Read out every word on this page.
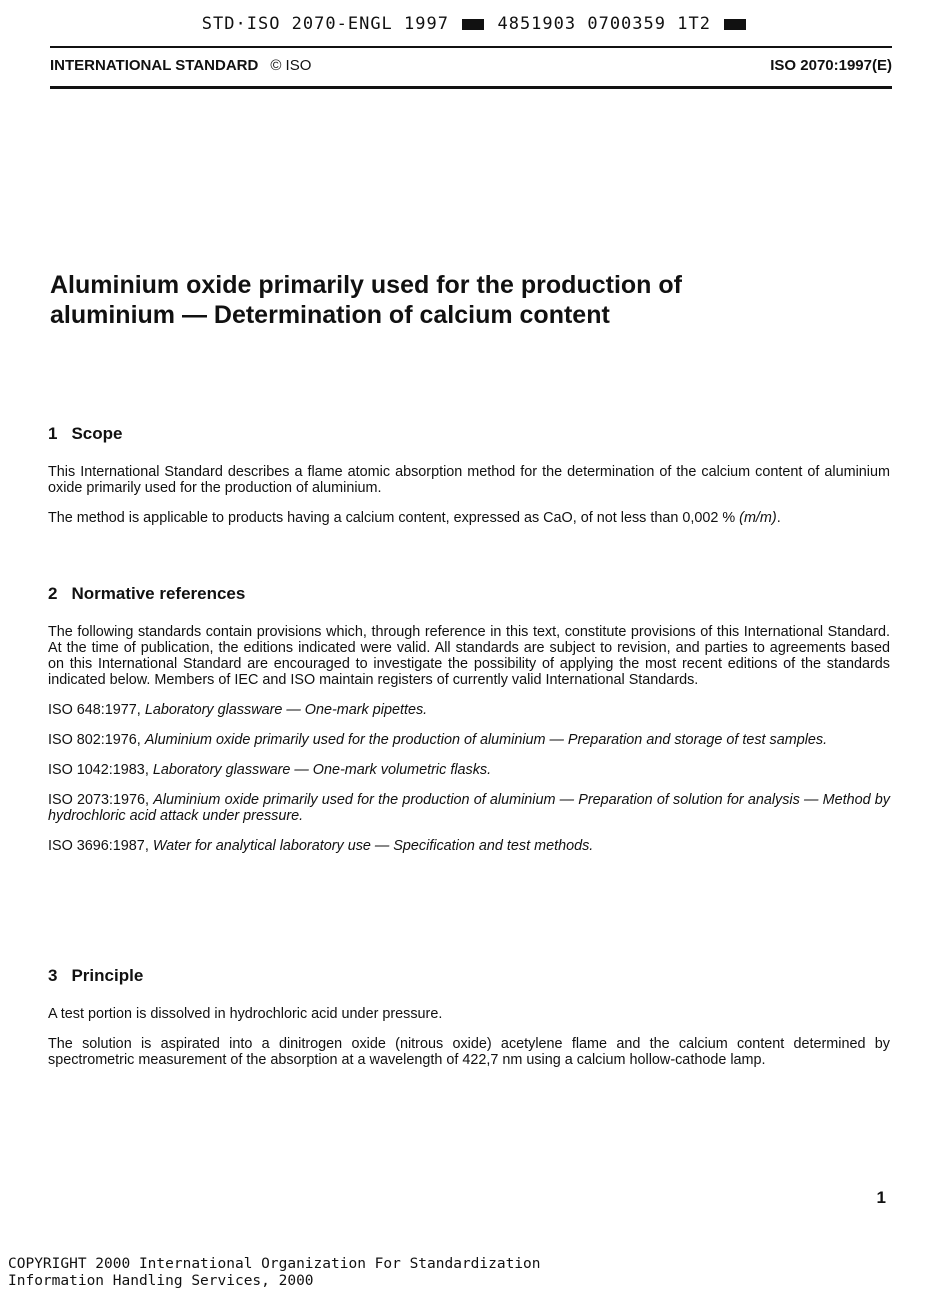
STD·ISO 2070-ENGL 1997	4851903 0700359 1T2
INTERNATIONAL STANDARD © ISO	ISO 2070:1997(E)
Aluminium oxide primarily used for the production of
aluminium — Determination of calcium content
1 Scope

This International Standard describes a flame atomic absorption method for the determination of the calcium content of aluminium oxide primarily used for the production of aluminium.

The method is applicable to products having a calcium content, expressed as CaO, of not less than 0,002 % (m/m).

2 Normative references

The following standards contain provisions which, through reference in this text, constitute provisions of this International Standard. At the time of publication, the editions indicated were valid. All standards are subject to revision, and parties to agreements based on this International Standard are encouraged to investigate the possibility of applying the most recent editions of the standards indicated below. Members of IEC and ISO maintain registers of currently valid International Standards.

ISO 648:1977, Laboratory glassware — One-mark pipettes.

ISO 802:1976, Aluminium oxide primarily used for the production of aluminium — Preparation and storage of test samples.

ISO 1042:1983, Laboratory glassware — One-mark volumetric flasks.

ISO 2073:1976, Aluminium oxide primarily used for the production of aluminium — Preparation of solution for analysis — Method by hydrochloric acid attack under pressure.

ISO 3696:1987, Water for analytical laboratory use — Specification and test methods.

3 Principle

A test portion is dissolved in hydrochloric acid under pressure.

The solution is aspirated into a dinitrogen oxide (nitrous oxide) acetylene flame and the calcium content determined by spectrometric measurement of the absorption at a wavelength of 422,7 nm using a calcium hollow-cathode lamp.

1
COPYRIGHT 2000 International Organization For Standardization
Information Handling Services, 2000
